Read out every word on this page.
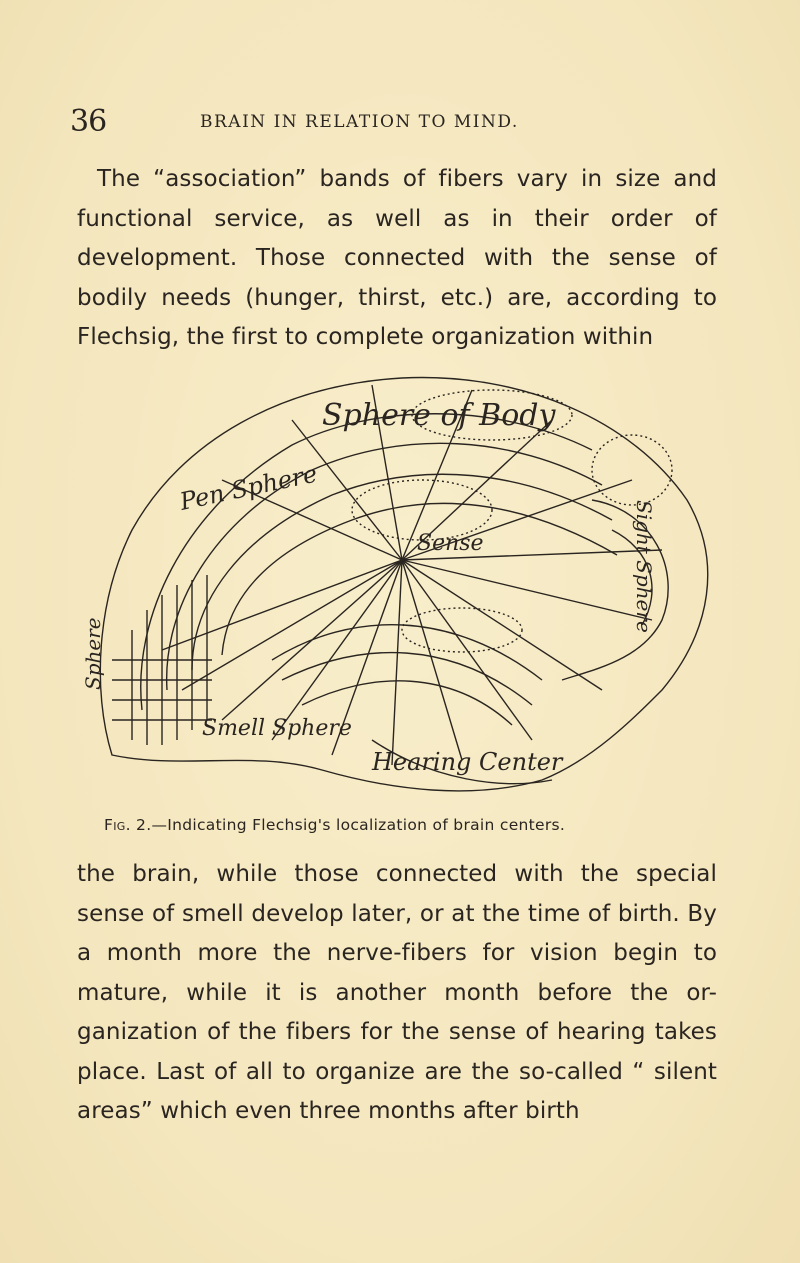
36	BRAIN IN RELATION TO MIND.

The “association” bands of fibers vary in size and functional service, as well as in their order of development. Those connected with the sense of bodily needs (hunger, thirst, etc.) are, according to Flechsig, the first to complete organization within

Sphere of Body
Pen Sphere
Sense
Smell Sphere
Hearing Center
Sight Sphere
Sphere
Fig. 2.—Indicating Flechsig's localization of brain centers.

the brain, while those connected with the special sense of smell develop later, or at the time of birth. By a month more the nerve-fibers for vision begin to mature, while it is another month before the or- ganization of the fibers for the sense of hearing takes place. Last of all to organize are the so-called “ silent areas” which even three months after birth
